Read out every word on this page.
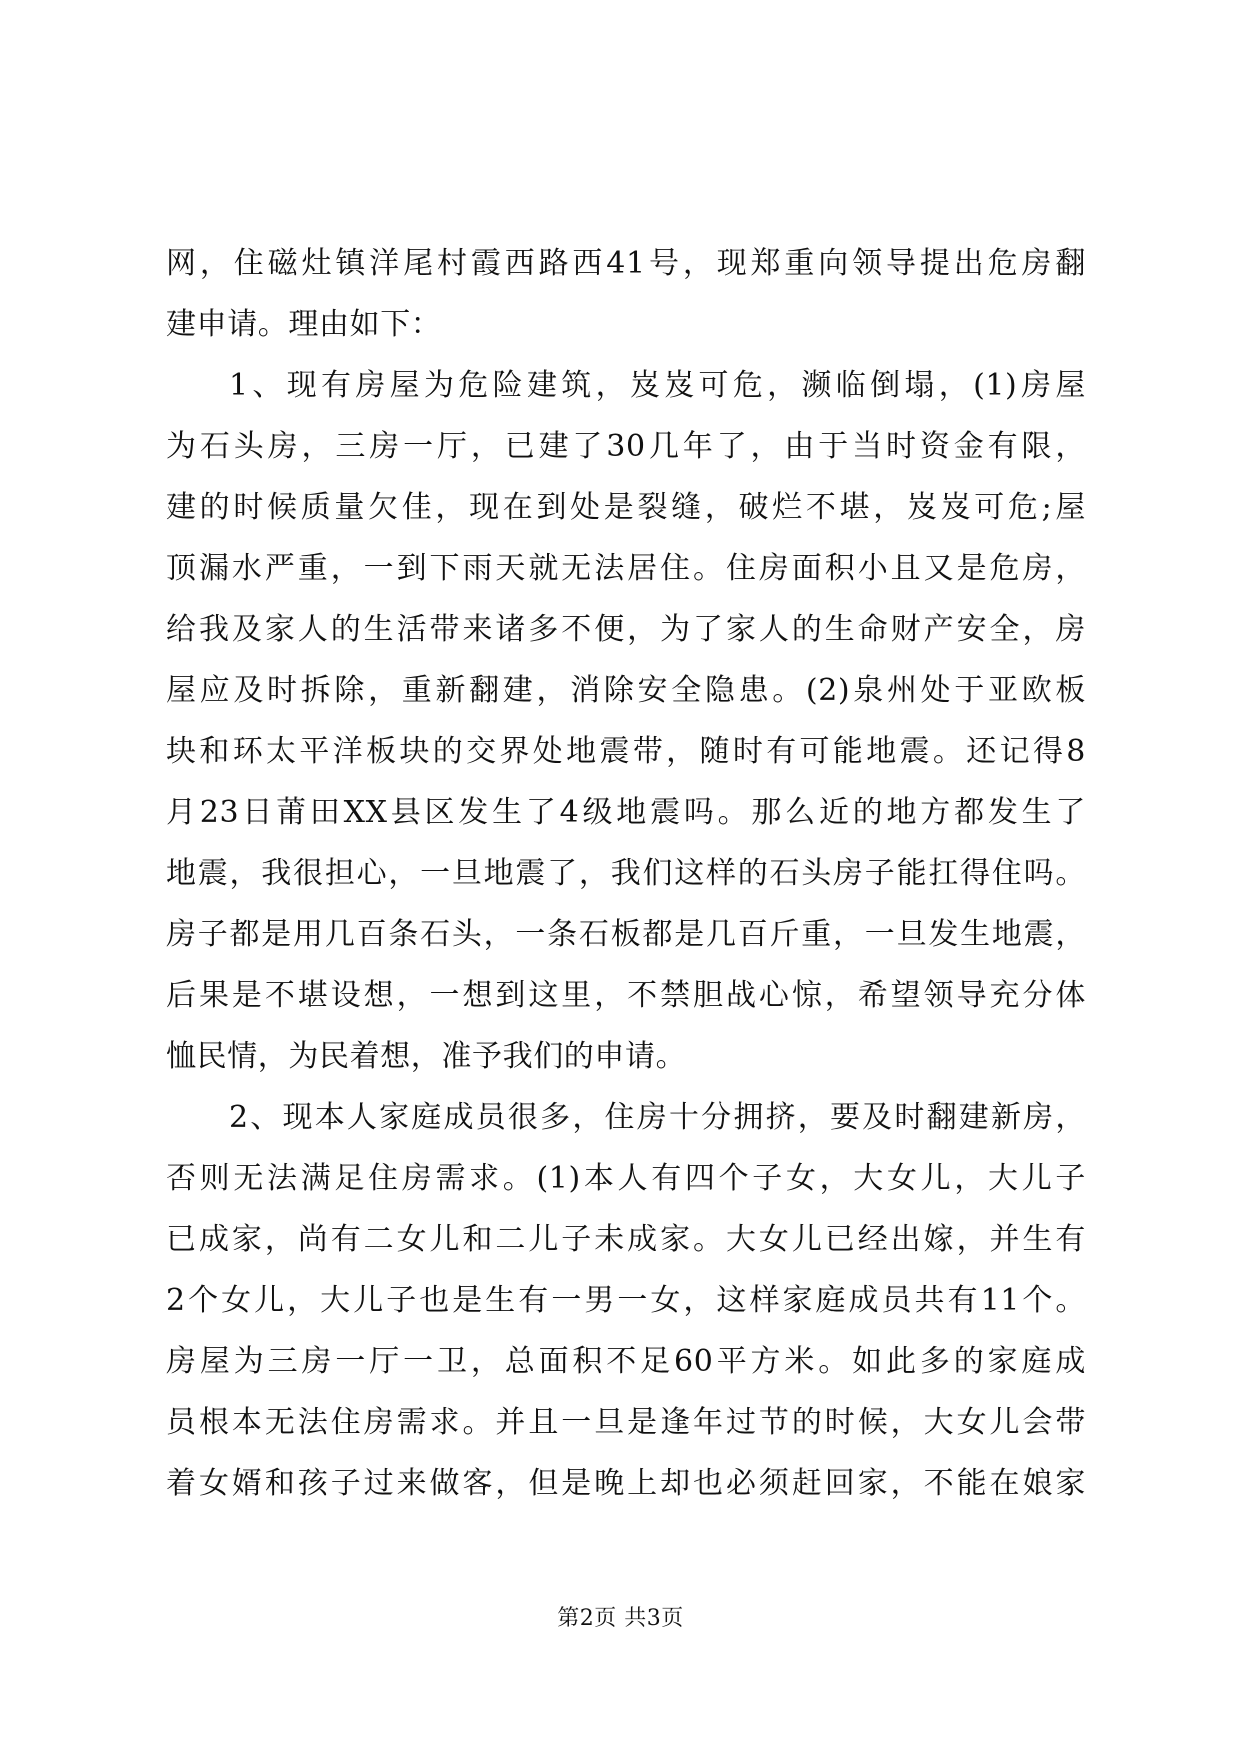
网，住磁灶镇洋尾村霞西路西41号，现郑重向领导提出危房翻
建申请。理由如下：
1、现有房屋为危险建筑，岌岌可危，濒临倒塌，(1)房屋
为石头房，三房一厅，已建了30几年了，由于当时资金有限，
建的时候质量欠佳，现在到处是裂缝，破烂不堪，岌岌可危;屋
顶漏水严重，一到下雨天就无法居住。住房面积小且又是危房，
给我及家人的生活带来诸多不便，为了家人的生命财产安全，房
屋应及时拆除，重新翻建，消除安全隐患。(2)泉州处于亚欧板
块和环太平洋板块的交界处地震带，随时有可能地震。还记得8
月23日莆田XX县区发生了4级地震吗。那么近的地方都发生了
地震，我很担心，一旦地震了，我们这样的石头房子能扛得住吗。
房子都是用几百条石头，一条石板都是几百斤重，一旦发生地震，
后果是不堪设想，一想到这里，不禁胆战心惊，希望领导充分体
恤民情，为民着想，准予我们的申请。
2、现本人家庭成员很多，住房十分拥挤，要及时翻建新房，
否则无法满足住房需求。(1)本人有四个子女，大女儿，大儿子
已成家，尚有二女儿和二儿子未成家。大女儿已经出嫁，并生有
2个女儿，大儿子也是生有一男一女，这样家庭成员共有11个。
房屋为三房一厅一卫，总面积不足60平方米。如此多的家庭成
员根本无法住房需求。并且一旦是逢年过节的时候，大女儿会带
着女婿和孩子过来做客，但是晚上却也必须赶回家，不能在娘家
第2页 共3页
